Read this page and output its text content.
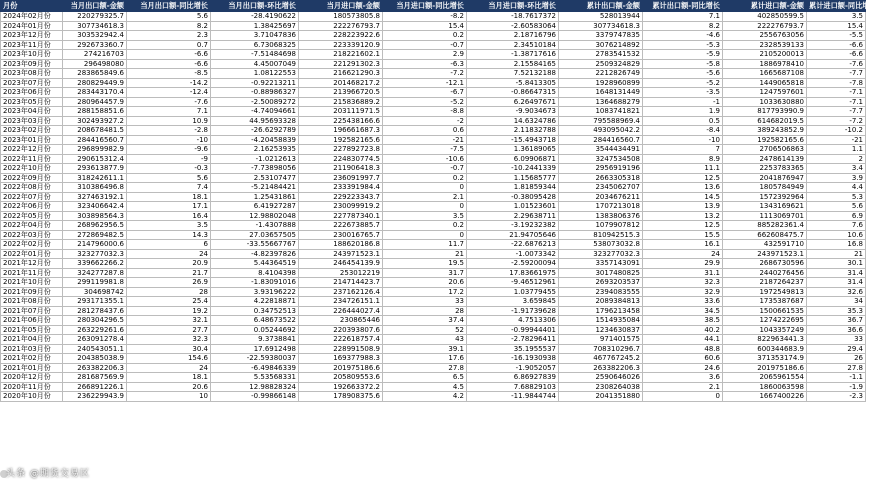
月份	当月出口额-金额	当月出口额-同比增长	当月出口额-环比增长	当月进口额-金额	当月进口额-同比增长	当月进口额-环比增长	累计出口额-金额	累计出口额-同比增长	累计进口额-金额	累计进口额-同比增长
2024年02月份	220279325.7	5.6	-28.4190622	180573805.8	-8.2	-18.7617372	528013944	7.1	402850599.5	3.5
2024年01月份	307734618.3	8.2	1.38425697	222276793.7	15.4	-2.60583064	307734618.3	8.2	222276793.7	15.4
2023年12月份	303532942.4	2.3	3.71047836	228223922.6	0.2	2.18716796	3379747835	-4.6	2556763056	-5.5
2023年11月份	292673360.7	0.7	6.73068325	223339120.9	-0.7	2.34510184	3076214892	-5.3	2328539133	-6.6
2023年10月份	274216703	-6.6	-7.51484698	218221602.1	2.9	-1.38717616	2783541532	-5.9	2105200013	-6.6
2023年09月份	296498080	-6.6	4.45007049	221291302.3	-6.3	2.15584165	2509324829	-5.8	1886978410	-7.6
2023年08月份	283865849.6	-8.5	1.08122553	216621290.3	-7.2	7.52132188	2212826749	-5.6	1665687108	-7.7
2023年07月份	280829449.9	-14.2	-0.92213211	201468217.2	-12.1	-5.8413305	1928960899	-5.2	1449065818	-7.8
2023年06月份	283443170.4	-12.4	-0.88986327	213966720.5	-6.7	-0.86647315	1648131449	-3.5	1247597601	-7.1
2023年05月份	280964457.9	-7.6	-2.50089272	215836889.2	-5.2	6.26497671	1364688279	-1	1033630880	-7.1
2023年04月份	288158851.6	7.1	-4.74094661	203111971.5	-8.8	-9.9034673	1083741821	1.9	817793990.9	-7.7
2023年03月份	302493927.2	10.9	44.95693328	225438166.6	-2	14.6324786	795588969.4	0.5	614682019.5	-7.2
2023年02月份	208678481.5	-2.8	-26.6292789	196661687.3	0.6	2.11832788	493095042.2	-8.4	389243852.9	-10.2
2023年01月份	284416560.7	-10	-4.20458839	192582165.6	-21	-15.4943718	284416560.7	-10	192582165.6	-21
2022年12月份	296899982.9	-9.6	2.16253935	227892723.8	-7.5	1.36189065	3544434491	7	2706506863	1.1
2022年11月份	290615312.4	-9	-1.0212613	224830774.5	-10.6	6.09906871	3247534508	8.9	2478614139	2
2022年10月份	293613877.9	-0.3	-7.73898056	211906418.3	-0.7	-10.2441339	2956919196	11.1	2253783365	3.4
2022年09月份	318242611.1	5.6	2.53107477	236091997.7	0.2	1.15685777	2663305318	12.5	2041876947	3.9
2022年08月份	310386496.8	7.4	-5.21484421	233391984.4	0	1.81859344	2345062707	13.6	1805784949	4.4
2022年07月份	327463192.1	18.1	1.25431861	229223343.7	2.1	-0.38095428	2034676211	14.5	1572392964	5.3
2022年06月份	323406642.4	17.1	6.41927287	230099919.2	0	1.01523601	1707213018	13.9	1343169621	5.6
2022年05月份	303898564.3	16.4	12.98802048	227787340.1	3.5	2.29638711	1383806376	13.2	1113069701	6.9
2022年04月份	268962956.5	3.5	-1.4307888	222673885.7	0.2	-3.19232382	1079907812	12.5	885282361.4	7.6
2022年03月份	272869482.5	14.3	27.03657505	230016765.7	0	21.94705646	810942515.3	15.5	662608475.7	10.6
2022年02月份	214796000.6	6	-33.55667767	188620186.8	11.7	-22.6876213	538073032.8	16.1	432591710	16.8
2022年01月份	323277032.3	24	-4.82397826	243971523.1	21	-1.0073342	323277032.3	24	243971523.1	21
2021年12月份	339662266.2	20.9	5.44364519	246454139.9	19.5	-2.59200094	3357143091	29.9	2686730596	30.1
2021年11月份	324277287.8	21.7	8.4104398	253012219	31.7	17.83661975	3017480825	31.1	2440276456	31.4
2021年10月份	299119981.8	26.9	-1.83091016	214714423.7	20.6	-9.46512961	2693203537	32.3	2187264237	31.4
2021年09月份	304698742	28	3.93196222	237162126.4	17.2	1.03779455	2394083555	32.9	1972549813	32.6
2021年08月份	293171355.1	25.4	4.22818871	234726151.1	33	3.659845	2089384813	33.6	1735387687	34
2021年07月份	281278437.6	19.2	0.34752513	226444027.4	28	-1.91739628	1796213458	34.5	1500661535	35.3
2021年06月份	280304296.5	32.1	6.48673522	230865446	37.4	4.7513306	1514935084	38.5	1274222695	36.7
2021年05月份	263229261.6	27.7	0.05244692	220393807.6	52	-0.99944401	1234630837	40.2	1043357249	36.6
2021年04月份	263091278.4	32.3	9.3738841	222618757.4	43	-2.78296411	971401575	44.1	822963441.3	33
2021年03月份	240543051.1	30.4	17.6912498	228991508.9	39.1	35.1955537	708310296.7	48.8	600344683.9	29.4
2021年02月份	204385038.9	154.6	-22.59380037	169377988.3	17.6	-16.1930938	467767245.2	60.6	371353174.9	26
2021年01月份	263382206.3	24	-6.49846339	201975186.6	27.8	-1.9052057	263382206.3	24.6	201975186.6	27.8
2020年12月份	281687569.9	18.1	5.53568331	205809553.6	6.5	6.86927839	2590646026	3.6	2065961554	-1.1
2020年11月份	266891226.1	20.6	12.98828324	192663372.2	4.5	7.68829103	2308264038	2.1	1860063598	-1.9
2020年10月份	236229943.9	10	-0.99866148	178908375.6	4.2	-11.9844744	2041351880	0	1667400226	-2.3
头条 @期货交易区
